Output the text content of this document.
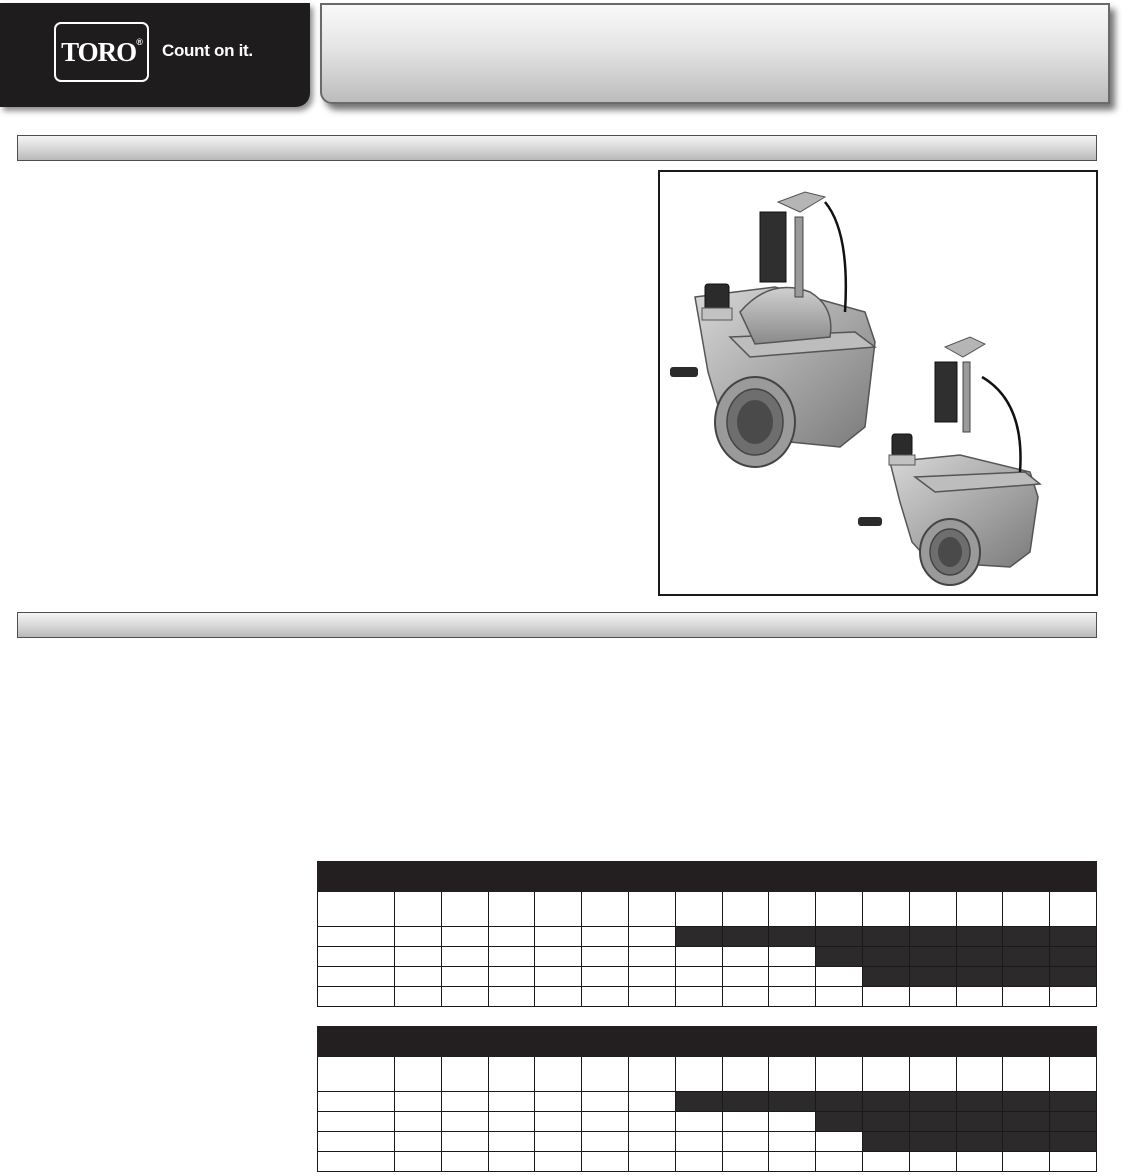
TORO® Count on it.
